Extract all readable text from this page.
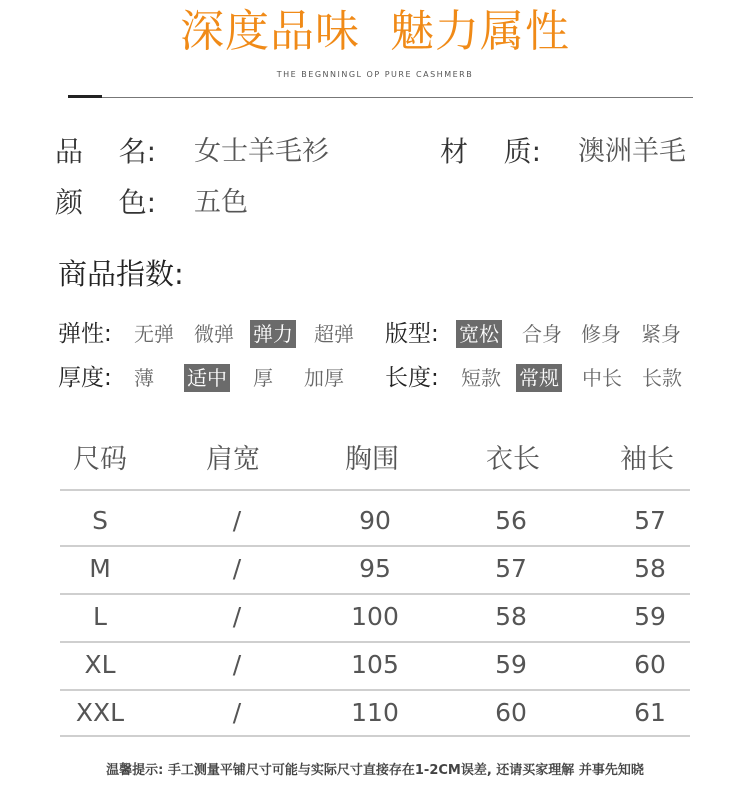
深度品味  魅力属性
THE BEGNNINGL OP PURE CASHMERB
品    名: 女士羊毛衫	材    质: 澳洲羊毛
颜    色: 五色
商品指数:
弹性: 无弹 微弹 弹力 超弹 版型: 宽松 合身 修身 紧身
厚度: 薄 适中 厚 加厚 长度: 短款 常规 中长 长款
尺码	肩宽	胸围	衣长	袖长
S	/	90	56	57
M	/	95	57	58
L	/	100	58	59
XL	/	105	59	60
XXL	/	110	60	61
温馨提示: 手工测量平铺尺寸可能与实际尺寸直接存在1-2CM误差, 还请买家理解 并事先知晓
